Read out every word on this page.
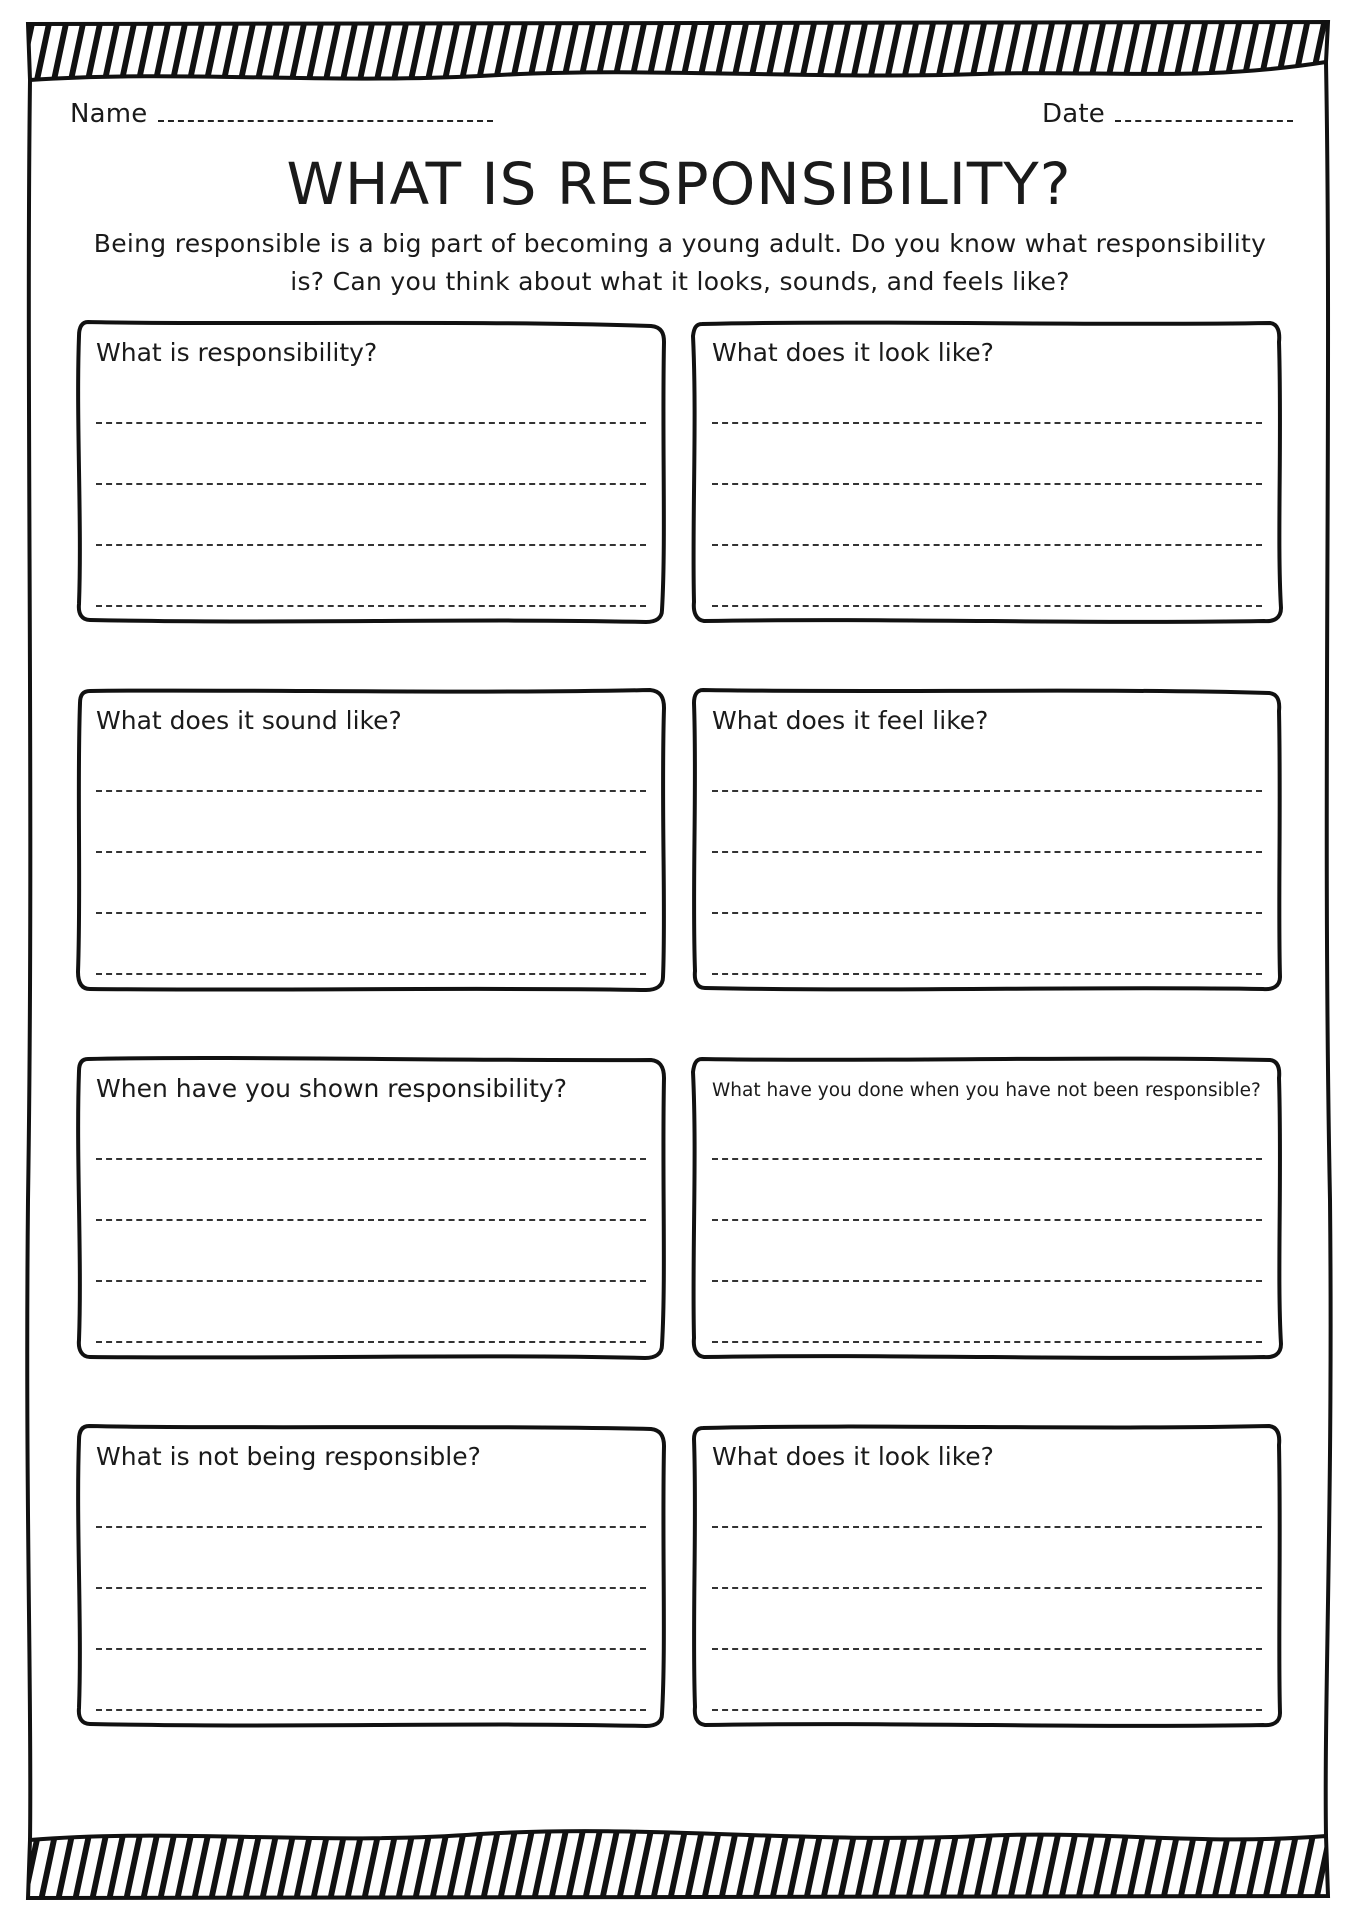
Name	Date
WHAT IS RESPONSIBILITY?
Being responsible is a big part of becoming a young adult. Do you know what responsibility is? Can you think about what it looks, sounds, and feels like?
What is responsibility?	What does it look like?
What does it sound like?	What does it feel like?
When have you shown responsibility?	What have you done when you have not been responsible?
What is not being responsible?	What does it look like?
